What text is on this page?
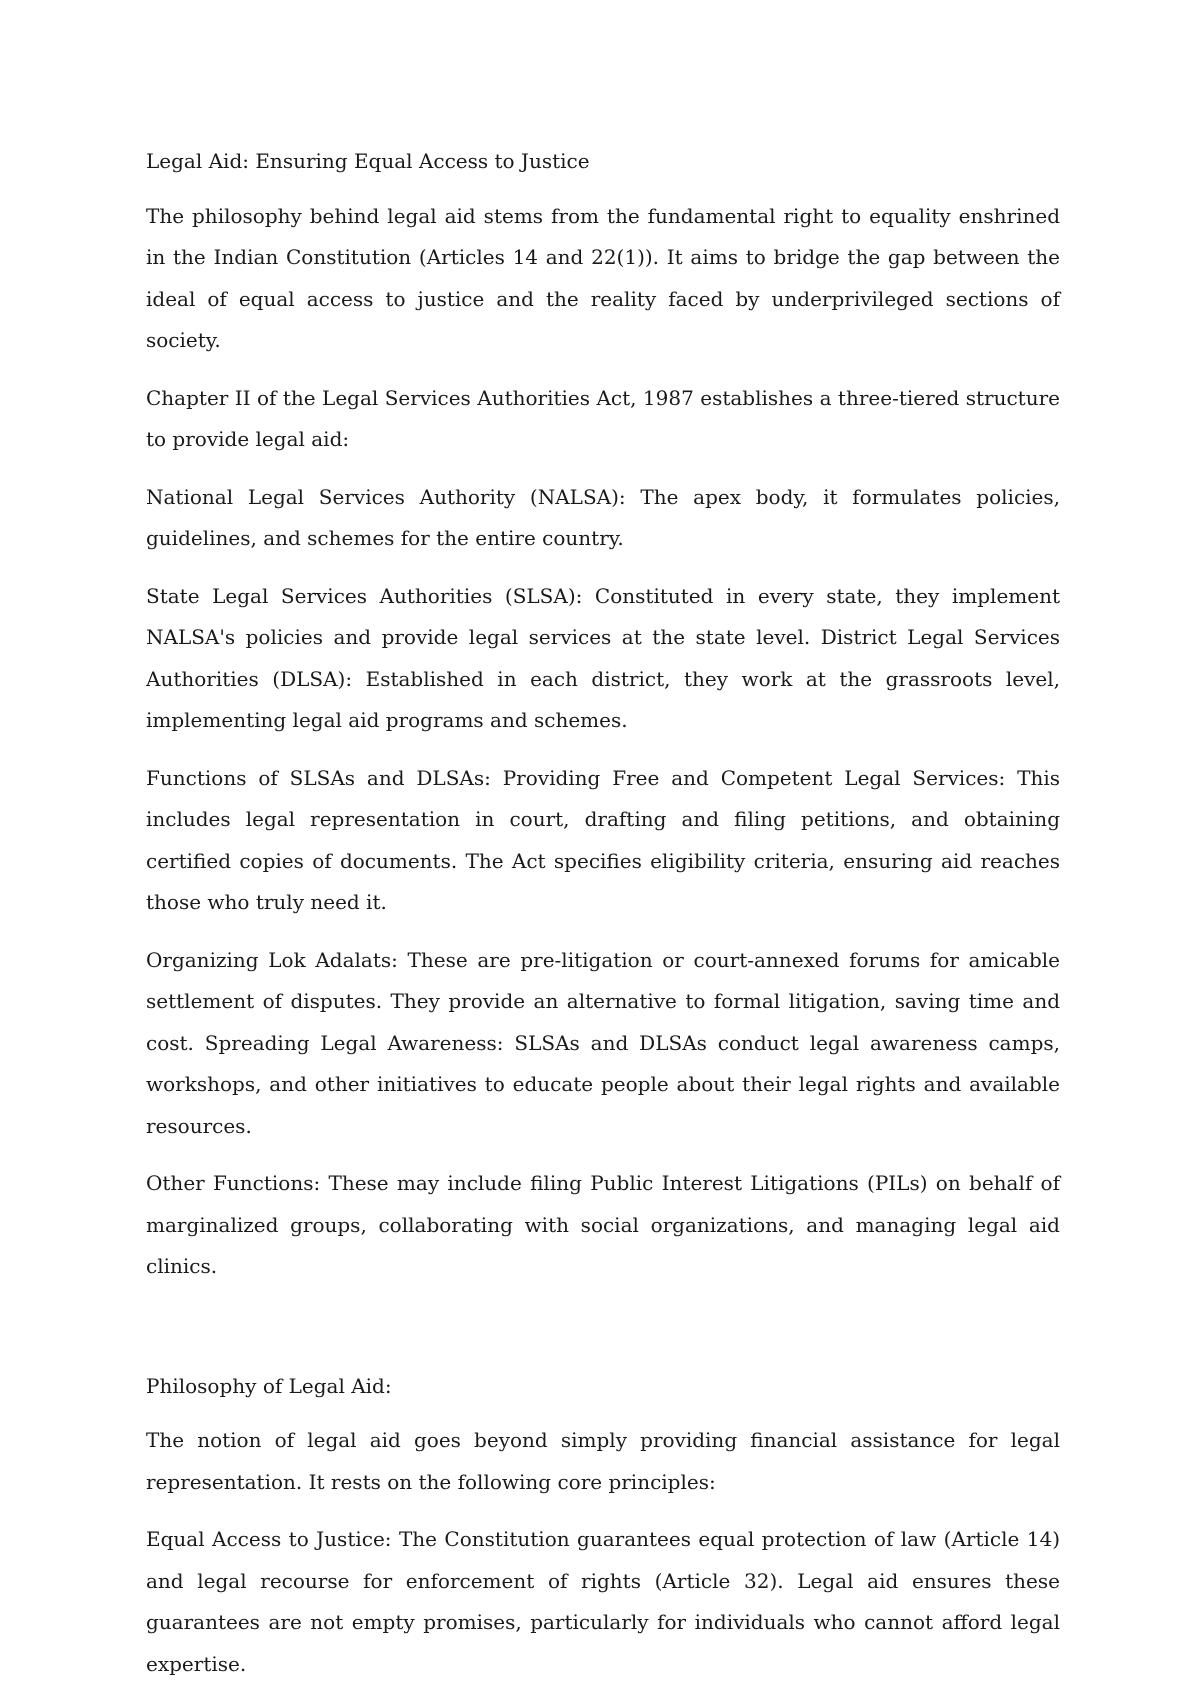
Legal Aid: Ensuring Equal Access to Justice

The philosophy behind legal aid stems from the fundamental right to equality enshrined in the Indian Constitution (Articles 14 and 22(1)). It aims to bridge the gap between the ideal of equal access to justice and the reality faced by underprivileged sections of society.

Chapter II of the Legal Services Authorities Act, 1987 establishes a three-tiered structure to provide legal aid:

National Legal Services Authority (NALSA): The apex body, it formulates policies, guidelines, and schemes for the entire country.

State Legal Services Authorities (SLSA): Constituted in every state, they implement NALSA's policies and provide legal services at the state level. District Legal Services Authorities (DLSA): Established in each district, they work at the grassroots level, implementing legal aid programs and schemes.

Functions of SLSAs and DLSAs: Providing Free and Competent Legal Services: This includes legal representation in court, drafting and filing petitions, and obtaining certified copies of documents. The Act specifies eligibility criteria, ensuring aid reaches those who truly need it.

Organizing Lok Adalats: These are pre-litigation or court-annexed forums for amicable settlement of disputes. They provide an alternative to formal litigation, saving time and cost. Spreading Legal Awareness: SLSAs and DLSAs conduct legal awareness camps, workshops, and other initiatives to educate people about their legal rights and available resources.

Other Functions: These may include filing Public Interest Litigations (PILs) on behalf of marginalized groups, collaborating with social organizations, and managing legal aid clinics.

Philosophy of Legal Aid:

The notion of legal aid goes beyond simply providing financial assistance for legal representation. It rests on the following core principles:

Equal Access to Justice: The Constitution guarantees equal protection of law (Article 14) and legal recourse for enforcement of rights (Article 32). Legal aid ensures these guarantees are not empty promises, particularly for individuals who cannot afford legal expertise.
